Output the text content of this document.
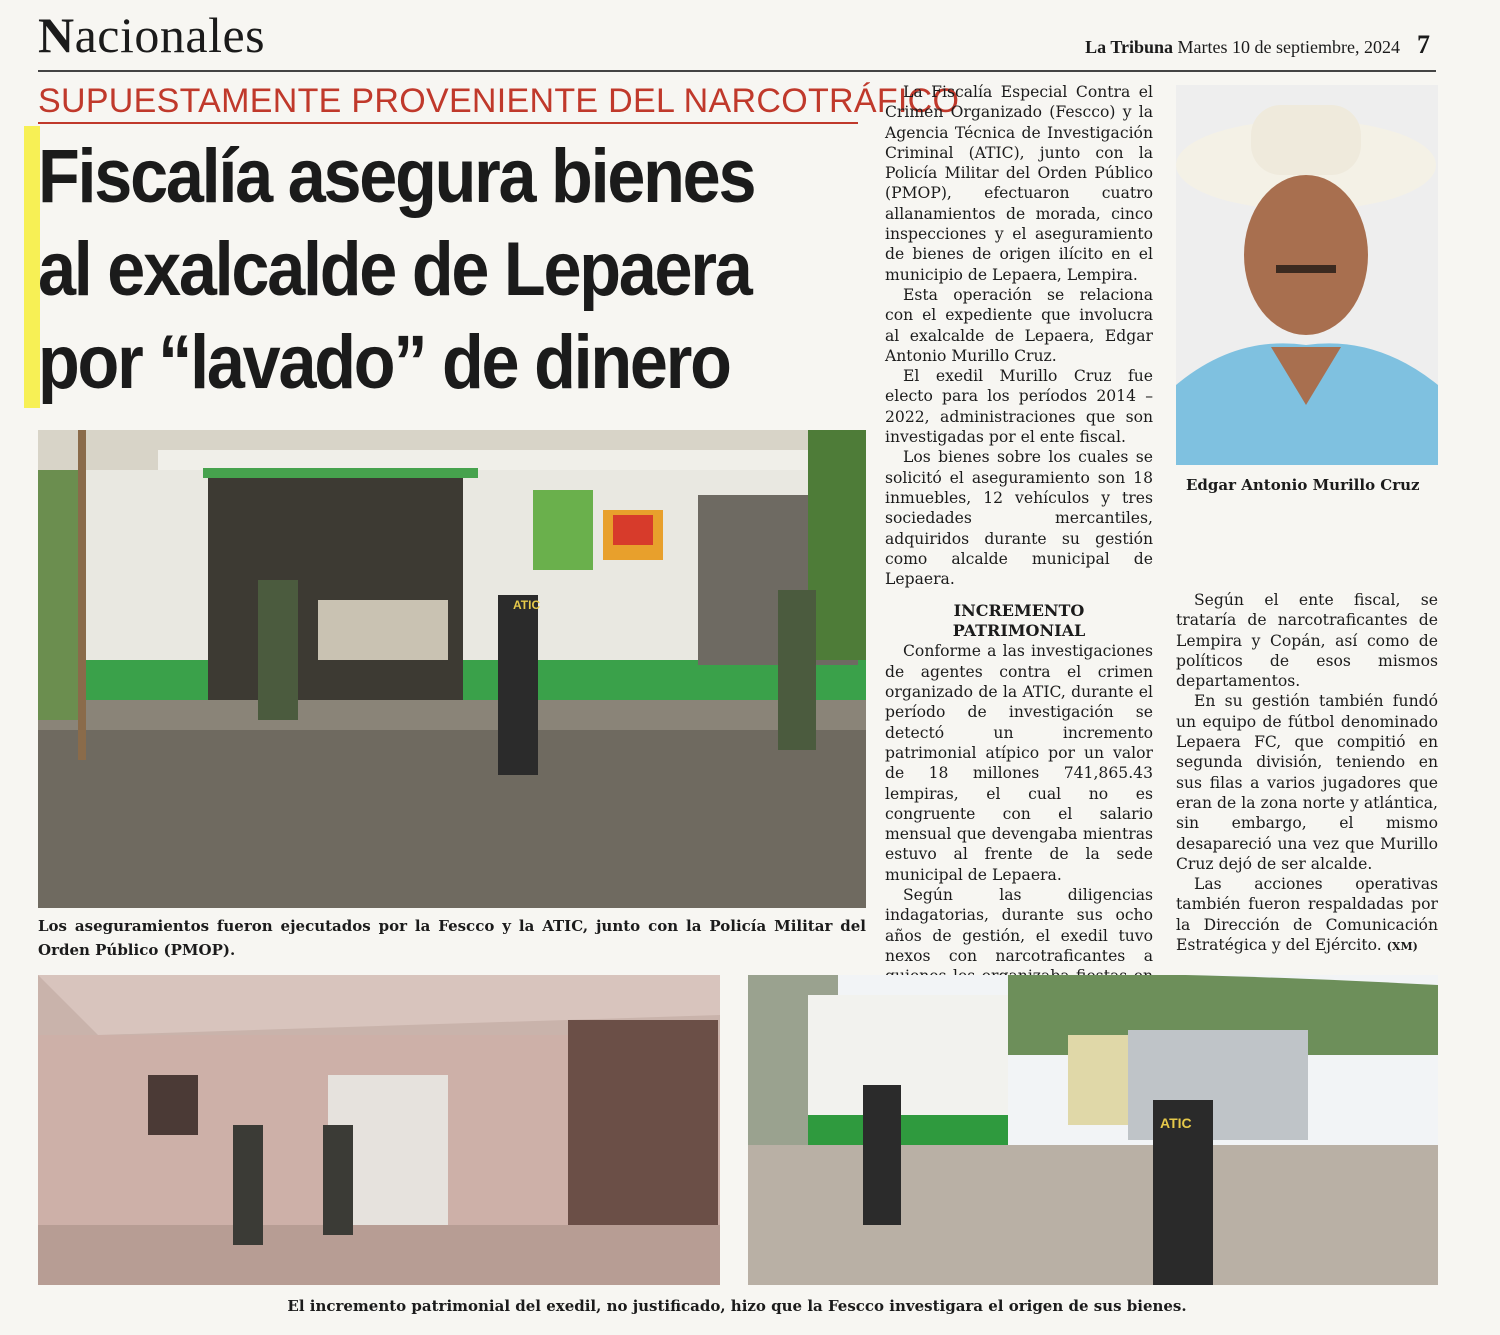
Nacionales	La Tribuna Martes 10 de septiembre, 2024 7
SUPUESTAMENTE PROVENIENTE DEL NARCOTRÁFICO
Fiscalía asegura bienes
al exalcalde de Lepaera
por “lavado” de dinero
ATIC
Los aseguramientos fueron ejecutados por la Fescco y la ATIC, junto con la Policía Militar del Orden Público (PMOP).
Edgar Antonio Murillo Cruz

La Fiscalía Especial Contra el Crimen Organizado (Fescco) y la Agencia Técnica de Investigación Criminal (ATIC), junto con la Policía Militar del Orden Público (PMOP), efectuaron cuatro allanamientos de morada, cinco inspecciones y el aseguramiento de bienes de origen ilícito en el municipio de Lepaera, Lempira.

Esta operación se relaciona con el expediente que involucra al exalcalde de Lepaera, Edgar Antonio Murillo Cruz.

El exedil Murillo Cruz fue electo para los períodos 2014 –2022, administraciones que son investigadas por el ente fiscal.

Los bienes sobre los cuales se solicitó el aseguramiento son 18 inmuebles, 12 vehículos y tres sociedades mercantiles, adquiridos durante su gestión como alcalde municipal de Lepaera.

INCREMENTO PATRIMONIAL

Conforme a las investigaciones de agentes contra el crimen organizado de la ATIC, durante el período de investigación se detectó un incremento patrimonial atípico por un valor de 18 millones 741,865.43 lempiras, el cual no es congruente con el salario mensual que devengaba mientras estuvo al frente de la sede municipal de Lepaera.

Según las diligencias indagatorias, durante sus ocho años de gestión, el exedil tuvo nexos con narcotraficantes a

Según el ente fiscal, se trataría de narcotraficantes de Lempira y Copán, así como de políticos de esos mismos departamentos.

En su gestión también fundó un equipo de fútbol denominado Lepaera FC, que compitió en segunda división, teniendo en sus filas a varios jugadores que eran de la zona norte y atlántica, sin embargo, el mismo desapareció una vez que Murillo Cruz dejó de ser alcalde.

Las acciones operativas también fueron respaldadas por la Dirección de Comunicación Estratégica y del Ejército. (XM)

ATIC
El incremento patrimonial del exedil, no justificado, hizo que la Fescco investigara el origen de sus bienes.
